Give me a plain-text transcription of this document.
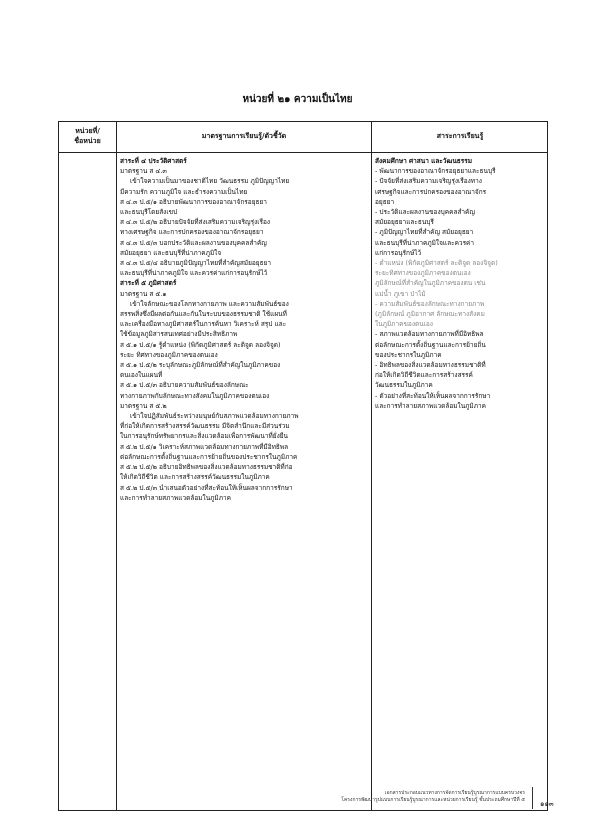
หน่วยที่ ๒๑ ความเป็นไทย
หน่วยที่/
ชื่อหน่วย
มาตรฐานการเรียนรู้/ตัวชี้วัด	สาระการเรียนรู้
สาระที่ ๔ ประวัติศาสตร์
มาตรฐาน ส ๔.๓
เข้าใจความเป็นมาของชาติไทย วัฒนธรรม ภูมิปัญญาไทย
มีความรัก ความภูมิใจ และธำรงความเป็นไทย
ส ๔.๓ ป.๕/๑ อธิบายพัฒนาการของอาณาจักรอยุธยา
และธนบุรีโดยสังเขป
ส ๔.๓ ป.๕/๒ อธิบายปัจจัยที่ส่งเสริมความเจริญรุ่งเรือง
ทางเศรษฐกิจ และการปกครองของอาณาจักรอยุธยา
ส ๔.๓ ป.๕/๓ บอกประวัติและผลงานของบุคคลสำคัญ
สมัยอยุธยา และธนบุรีที่น่าภาคภูมิใจ
ส ๔.๓ ป.๕/๔ อธิบายภูมิปัญญาไทยที่สำคัญสมัยอยุธยา
และธนบุรีที่น่าภาคภูมิใจ และควรค่าแก่การอนุรักษ์ไว้
สาระที่ ๕ ภูมิศาสตร์
มาตรฐาน ส ๕.๑
เข้าใจลักษณะของโลกทางกายภาพ และความสัมพันธ์ของ
สรรพสิ่งซึ่งมีผลต่อกันและกันในระบบของธรรมชาติ ใช้แผนที่
และเครื่องมือทางภูมิศาสตร์ในการค้นหา วิเคราะห์ สรุป และ
ใช้ข้อมูลภูมิสารสนเทศอย่างมีประสิทธิภาพ
ส ๕.๑ ป.๕/๑ รู้ตำแหน่ง (พิกัดภูมิศาสตร์ ละติจูด ลองจิจูด)
ระยะ ทิศทางของภูมิภาคของตนเอง
ส ๕.๑ ป.๕/๒ ระบุลักษณะภูมิลักษณ์ที่สำคัญในภูมิภาคของ
ตนเองในแผนที่
ส ๕.๑ ป.๕/๓ อธิบายความสัมพันธ์ของลักษณะ
ทางกายภาพกับลักษณะทางสังคมในภูมิภาคของตนเอง
มาตรฐาน ส ๕.๒
เข้าใจปฏิสัมพันธ์ระหว่างมนุษย์กับสภาพแวดล้อมทางกายภาพ
ที่ก่อให้เกิดการสร้างสรรค์วัฒนธรรม มีจิตสำนึกและมีส่วนร่วม
ในการอนุรักษ์ทรัพยากรและสิ่งแวดล้อมเพื่อการพัฒนาที่ยั่งยืน
ส ๕.๒ ป.๕/๑ วิเคราะห์สภาพแวดล้อมทางกายภาพที่มีอิทธิพล
ต่อลักษณะการตั้งถิ่นฐานและการย้ายถิ่นของประชากรในภูมิภาค
ส ๕.๒ ป.๕/๒ อธิบายอิทธิพลของสิ่งแวดล้อมทางธรรมชาติที่ก่อ
ให้เกิดวิถีชีวิต และการสร้างสรรค์วัฒนธรรมในภูมิภาค
ส ๕.๒ ป.๕/๓ นำเสนอตัวอย่างที่สะท้อนให้เห็นผลจากการรักษา
และการทำลายสภาพแวดล้อมในภูมิภาค
สังคมศึกษา ศาสนา และวัฒนธรรม
- พัฒนาการของอาณาจักรอยุธยาและธนบุรี
- ปัจจัยที่ส่งเสริมความเจริญรุ่งเรืองทาง
เศรษฐกิจและการปกครองของอาณาจักร
อยุธยา
- ประวัติและผลงานของบุคคลสำคัญ
สมัยอยุธยาและธนบุรี
- ภูมิปัญญาไทยที่สำคัญ สมัยอยุธยา
และธนบุรีที่น่าภาคภูมิใจและควรค่า
แก่การอนุรักษ์ไว้
- ตำแหน่ง (พิกัดภูมิศาสตร์ ละติจูด ลองจิจูด)
ระยะทิศทางของภูมิภาคของตนเอง
ภูมิลักษณ์ที่สำคัญในภูมิภาคของตน เช่น
แม่น้ำ ภูเขา ป่าไม้
- ความสัมพันธ์ของลักษณะทางกายภาพ
(ภูมิลักษณ์ ภูมิอากาศ ลักษณะทางสังคม
ในภูมิภาคของตนเอง
- สภาพแวดล้อมทางกายภาพที่มีอิทธิพล
ต่อลักษณะการตั้งถิ่นฐานและการย้ายถิ่น
ของประชากรในภูมิภาค
- อิทธิพลของสิ่งแวดล้อมทางธรรมชาติที่
ก่อให้เกิดวิถีชีวิตและการสร้างสรรค์
วัฒนธรรมในภูมิภาค
- ตัวอย่างที่สะท้อนให้เห็นผลจากการรักษา
และการทำลายสภาพแวดล้อมในภูมิภาค
เอกสารประกอบแนวทางการจัดการเรียนรู้บูรณาการแบบครบวงจร
โครงการพัฒนารูปแบบการเรียนรู้บูรณาการและหน่วยการเรียนรู้ ชั้นประถมศึกษาปีที่ ๕ ๑๑๓
